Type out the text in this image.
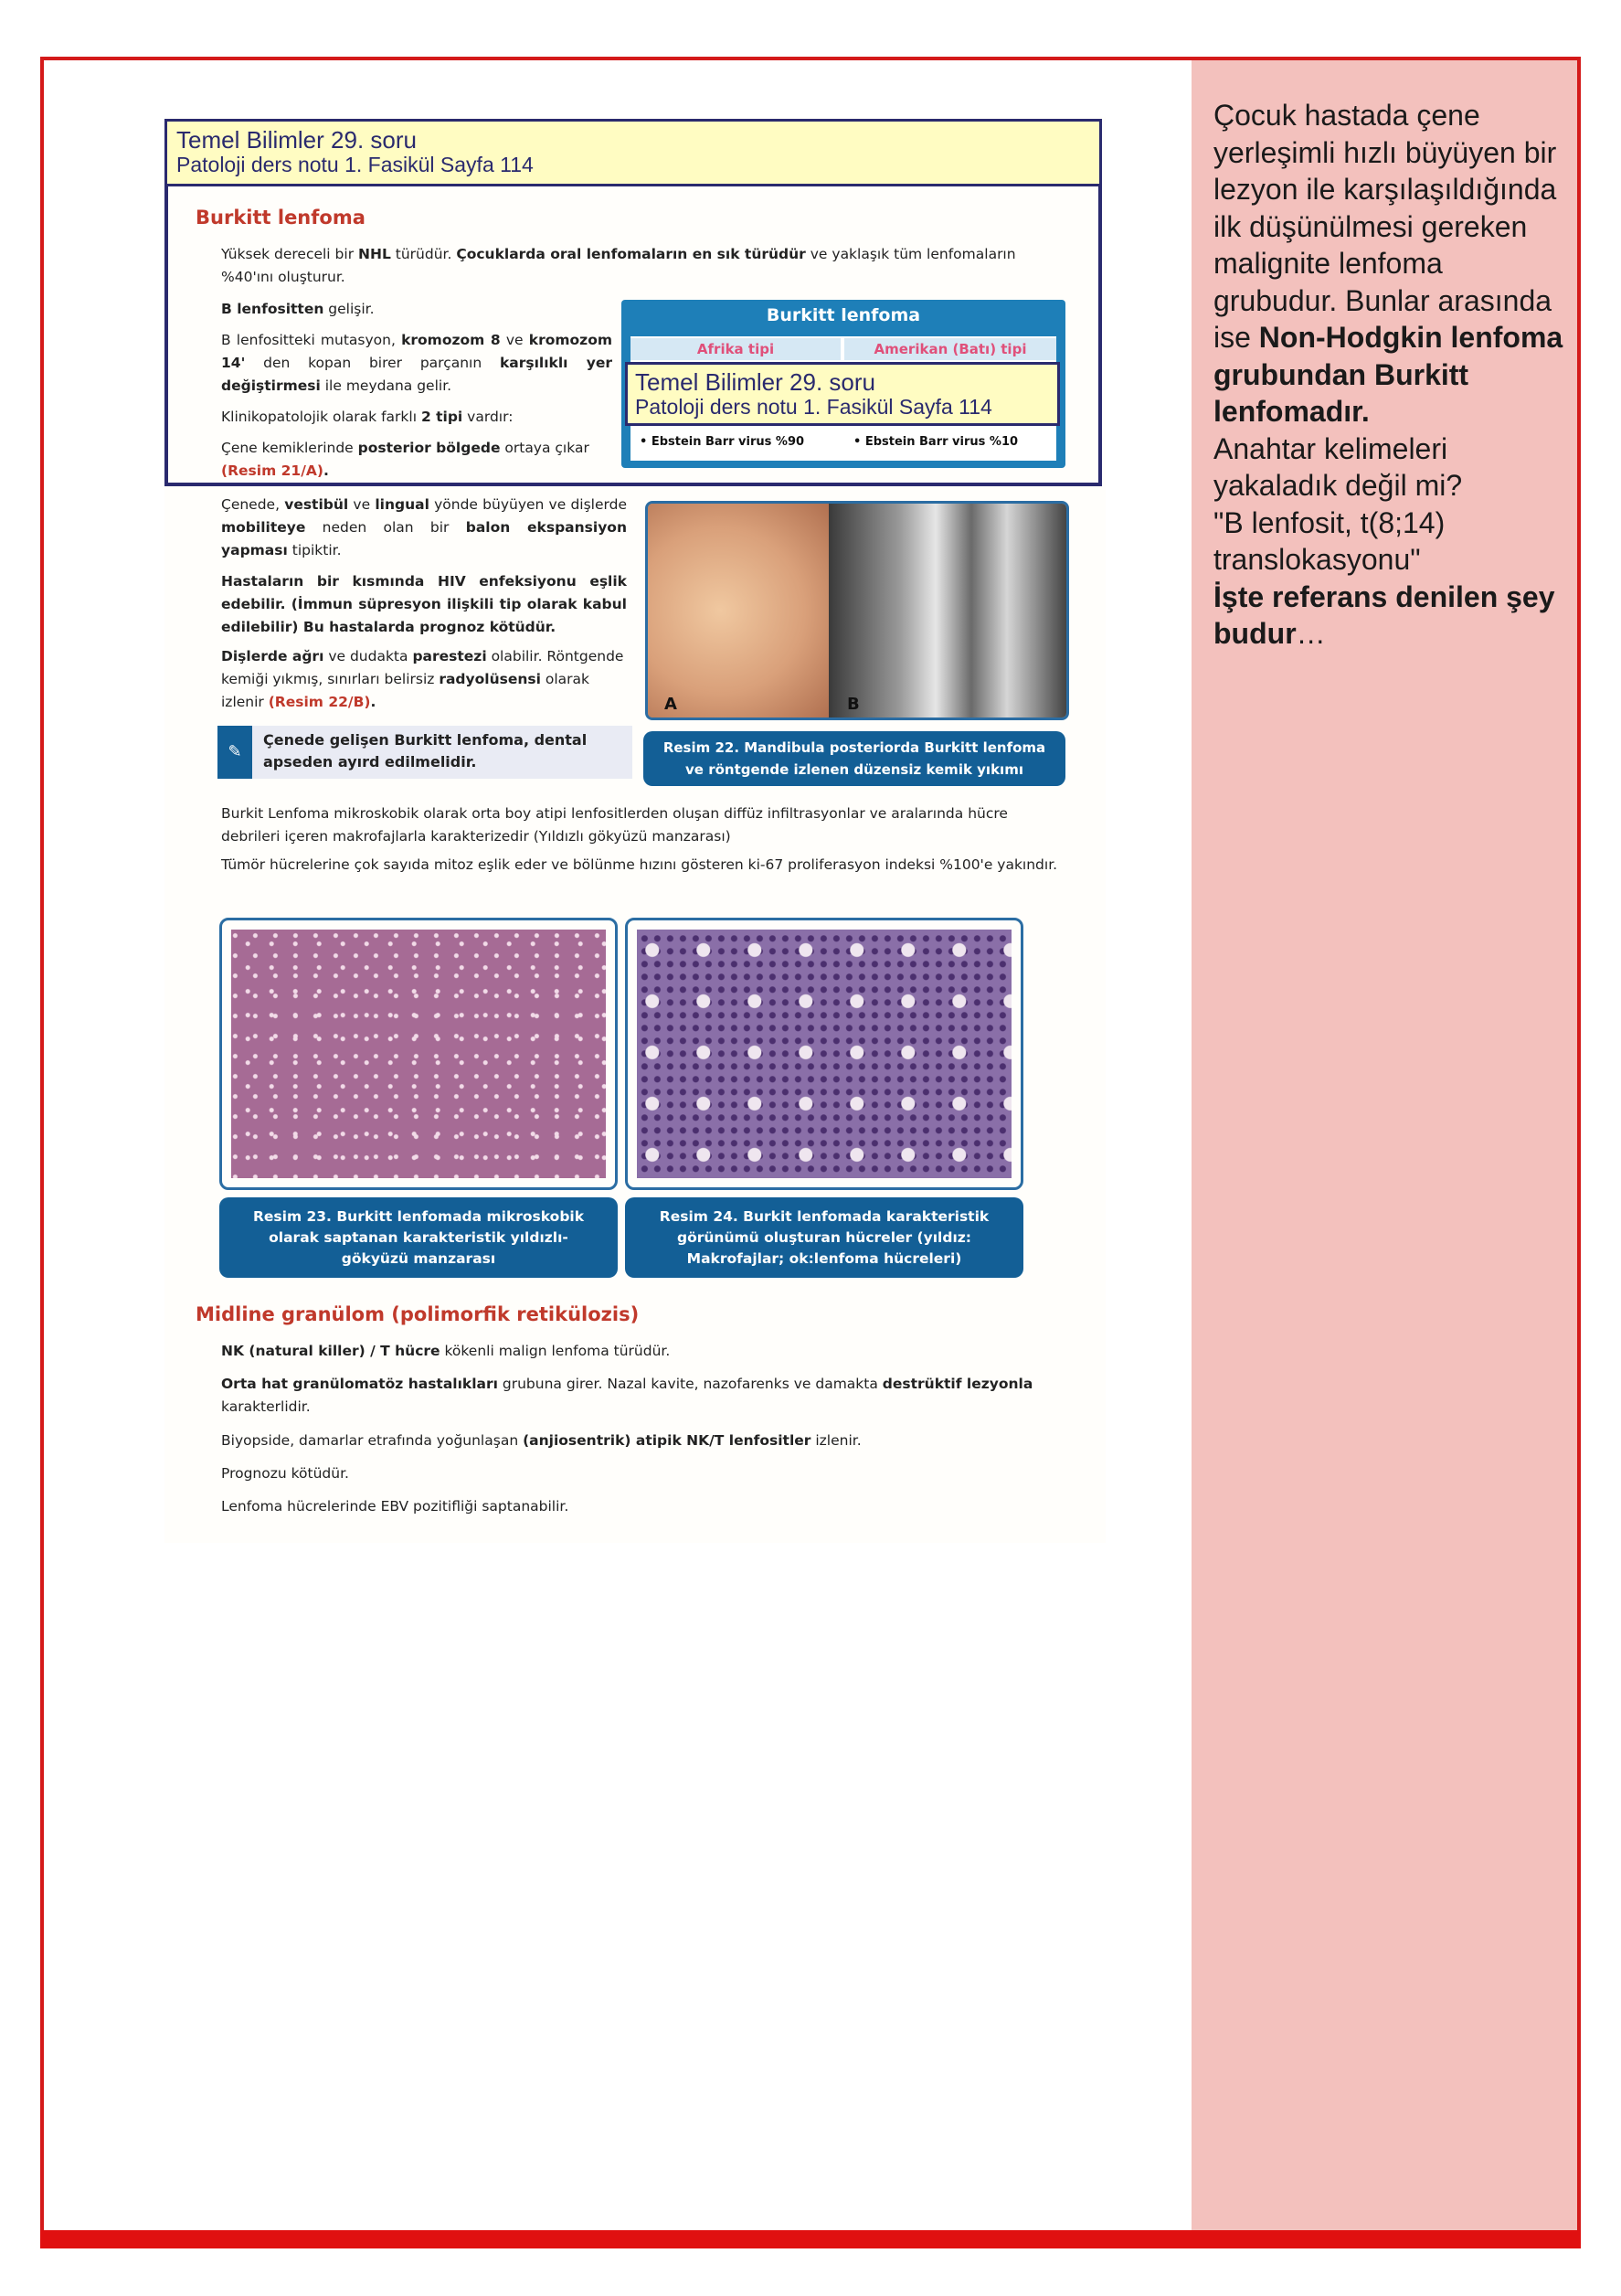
Çocuk hastada çene yerleşimli hızlı büyüyen bir lezyon ile karşılaşıldığında ilk düşünülmesi gereken malignite lenfoma grubudur. Bunlar arasında ise Non-Hodgkin lenfoma grubundan Burkitt lenfomadır.
Anahtar kelimeleri yakaladık değil mi?
"B lenfosit, t(8;14) translokasyonu"
İşte referans denilen şey budur…
Temel Bilimler 29. soru
Patoloji ders notu 1. Fasikül Sayfa 114
Burkitt lenfoma
Yüksek dereceli bir NHL türüdür. Çocuklarda oral lenfomaların en sık türüdür ve yaklaşık tüm lenfomaların %40'ını oluşturur.
B lenfositten gelişir.
B lenfositteki mutasyon, kromozom 8 ve kromozom 14' den kopan birer parçanın karşılıklı yer değiştirmesi ile meydana gelir.
Klinikopatolojik olarak farklı 2 tipi vardır:
Çene kemiklerinde posterior bölgede ortaya çıkar (Resim 21/A).
Burkitt lenfoma
Afrika tipi	Amerikan (Batı) tipi
• Ebstein Barr virus %90	• Ebstein Barr virus %10
Temel Bilimler 29. soru
Patoloji ders notu 1. Fasikül Sayfa 114
Çenede, vestibül ve lingual yönde büyüyen ve dişlerde mobiliteye neden olan bir balon ekspansiyon yapması tipiktir.
Hastaların bir kısmında HIV enfeksiyonu eşlik edebilir. (İmmun süpresyon ilişkili tip olarak kabul edilebilir) Bu hastalarda prognoz kötüdür.
Dişlerde ağrı ve dudakta parestezi olabilir. Röntgende kemiği yıkmış, sınırları belirsiz radyolüsensi olarak izlenir (Resim 22/B).
✎
Çenede gelişen Burkitt lenfoma, dental apseden ayırd edilmelidir.
A	B
Resim 22. Mandibula posteriorda Burkitt lenfoma ve röntgende izlenen düzensiz kemik yıkımı
Burkit Lenfoma mikroskobik olarak orta boy atipi lenfositlerden oluşan diffüz infiltrasyonlar ve aralarında hücre debrileri içeren makrofajlarla karakterizedir (Yıldızlı gökyüzü manzarası)
Tümör hücrelerine çok sayıda mitoz eşlik eder ve bölünme hızını gösteren ki-67 proliferasyon indeksi %100'e yakındır.
Resim 23. Burkitt lenfomada mikroskobik olarak saptanan karakteristik yıldızlı-gökyüzü manzarası
Resim 24. Burkit lenfomada karakteristik görünümü oluşturan hücreler (yıldız: Makrofajlar; ok:lenfoma hücreleri)
Midline granülom (polimorfik retikülozis)
NK (natural killer) / T hücre kökenli malign lenfoma türüdür.
Orta hat granülomatöz hastalıkları grubuna girer. Nazal kavite, nazofarenks ve damakta destrüktif lezyonla karakterlidir.
Biyopside, damarlar etrafında yoğunlaşan (anjiosentrik) atipik NK/T lenfositler izlenir.
Prognozu kötüdür.
Lenfoma hücrelerinde EBV pozitifliği saptanabilir.
